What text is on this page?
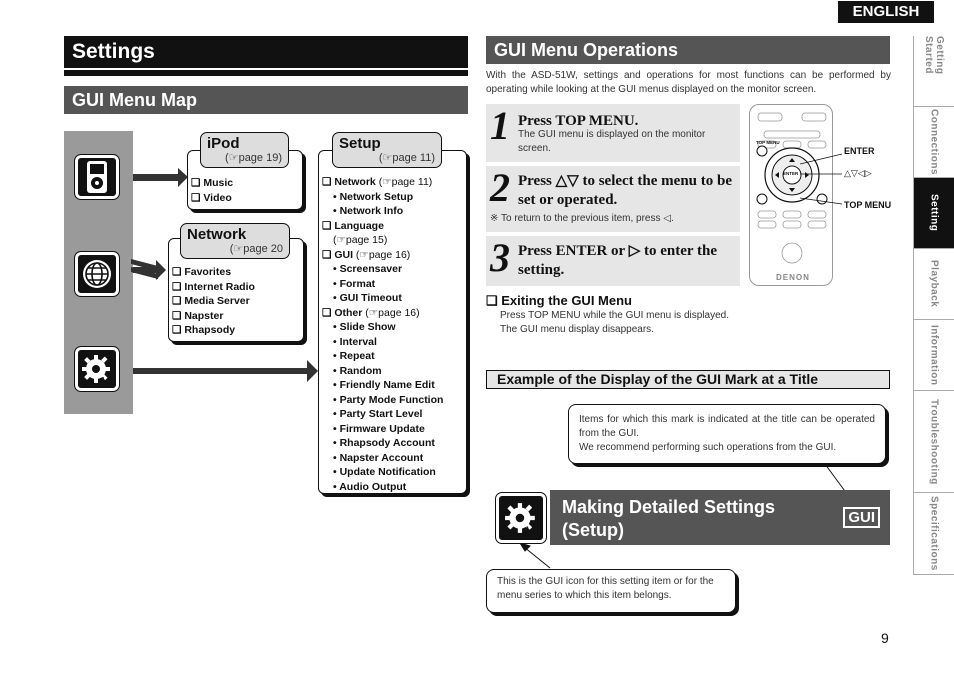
ENGLISH
Settings
GUI Menu Map
❑ Music
❑ Video
iPod
(☞page 19)
❑ Favorites
❑ Internet Radio
❑ Media Server
❑ Napster
❑ Rhapsody
Network
(☞page 20
❑ Network (☞page 11)
• Network Setup
• Network Info
❑ Language
(☞page 15)
❑ GUI (☞page 16)
• Screensaver
• Format
• GUI Timeout
❑ Other (☞page 16)
• Slide Show
• Interval
• Repeat
• Random
• Friendly Name Edit
• Party Mode Function
• Party Start Level
• Firmware Update
• Rhapsody Account
• Napster Account
• Update Notification
• Audio Output
Setup
(☞page 11)
GUI Menu Operations
With the ASD-51W, settings and operations for most functions can be performed by operating while looking at the GUI menus displayed on the monitor screen.
1 Press TOP MENU.
The GUI menu is displayed on the monitor screen.
2 Press △▽ to select the menu to be set or operated.
※ To return to the previous item, press ◁.
3 Press ENTER or ▷ to enter the setting.
TOP MENU
ENTER
DENON
ENTER
△▽◁▷
TOP MENU
❑ Exiting the GUI Menu
Press TOP MENU while the GUI menu is displayed.
The GUI menu display disappears.
Example of the Display of the GUI Mark at a Title
Items for which this mark is indicated at the title can be operated from the GUI.
We recommend performing such operations from the GUI.
Making Detailed Settings
(Setup)
GUI
This is the GUI icon for this setting item or for the menu series to which this item belongs.
9
Getting Started
Connections
Setting
Playback
Information
Troubleshooting
Specifications
